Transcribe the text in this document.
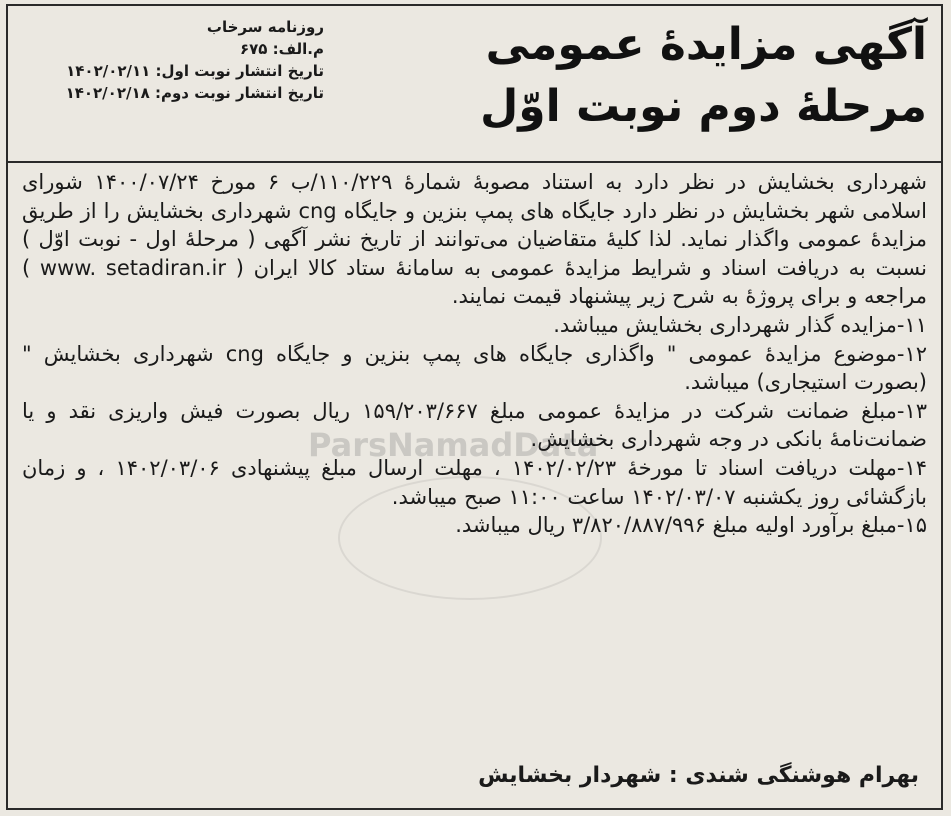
آگهی مزایدهٔ عمومی
مرحلهٔ دوم نوبت اوّل
روزنامه سرخاب
م.الف: ۶۷۵
تاریخ انتشار نوبت اول: ۱۴۰۲/۰۲/۱۱
تاریخ انتشار نوبت دوم: ۱۴۰۲/۰۲/۱۸
ParsNamadData

شهرداری بخشایش در نظر دارد به استناد مصوبهٔ شمارهٔ ۱۱۰/۲۲۹/ب ۶ مورخ ۱۴۰۰/۰۷/۲۴ شورای اسلامی شهر بخشایش در نظر دارد جایگاه های پمپ بنزین و جایگاه cng شهرداری بخشایش را از طریق مزایدهٔ عمومی واگذار نماید. لذا کلیهٔ متقاضیان می‌توانند از تاریخ نشر آگهی ( مرحلهٔ اول - نوبت اوّل ) نسبت به دریافت اسناد و شرایط مزایدهٔ عمومی به سامانهٔ ستاد کالا ایران ( www. setadiran.ir ) مراجعه و برای پروژهٔ به شرح زیر پیشنهاد قیمت نمایند.

۱۱-مزایده گذار شهرداری بخشایش میباشد.

۱۲-موضوع مزایدهٔ عمومی " واگذاری جایگاه های پمپ بنزین و جایگاه cng شهرداری بخشایش " (بصورت استیجاری) میباشد.

۱۳-مبلغ ضمانت شرکت در مزایدهٔ عمومی مبلغ ۱۵۹/۲۰۳/۶۶۷ ریال بصورت فیش واریزی نقد و یا ضمانت‌نامهٔ بانکی در وجه شهرداری بخشایش.

۱۴-مهلت دریافت اسناد تا مورخهٔ ۱۴۰۲/۰۲/۲۳ ، مهلت ارسال مبلغ پیشنهادی ۱۴۰۲/۰۳/۰۶ ، و زمان بازگشائی روز یکشنبه ۱۴۰۲/۰۳/۰۷ ساعت ۱۱:۰۰ صبح میباشد.

۱۵-مبلغ برآورد اولیه مبلغ ۳/۸۲۰/۸۸۷/۹۹۶ ریال میباشد.

بهرام هوشنگی شندی : شهردار بخشایش
